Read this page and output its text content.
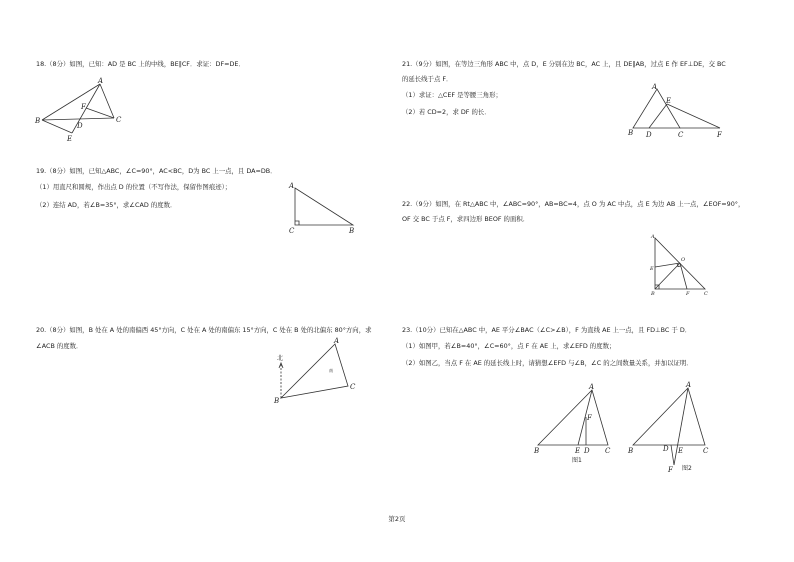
18.（8分）如图，已知：AD 是 BC 上的中线，BE∥CF．求证：DF=DE．

A
B	C
D
E
F

19.（8分）如图，已知△ABC，∠C=90°，AC<BC，D为 BC 上一点，且 DA=DB．

（1）用直尺和圆规，作出点 D 的位置（不写作法，保留作图痕迹）；

（2）连结 AD，若∠B=35°，求∠CAD 的度数．

A
C	B

20.（8分）如图，B 处在 A 处的南偏西 45°方向，C 处在 A 处的南偏东 15°方向，C 处在 B 处的北偏东 80°方向，求

∠ACB 的度数．

北
南
A
B
C

21.（9分）如图，在等边三角形 ABC 中，点 D，E 分别在边 BC，AC 上，且 DE∥AB，过点 E 作 EF⊥DE，交 BC

的延长线于点 F．

（1）求证：△CEF 是等腰三角形；

（2）若 CD=2，求 DF 的长．

A
E
B D	C	F

22.（9分）如图，在 Rt△ABC 中，∠ABC=90°，AB=BC=4，点 O 为 AC 中点，点 E 为边 AB 上一点，∠EOF=90°，

OF 交 BC 于点 F，求四边形 BEOF 的面积．

A
E
O
B	F	C

23.（10分）已知在△ABC 中，AE 平分∠BAC（∠C>∠B），F 为直线 AE 上一点，且 FD⊥BC 于 D．

（1）如图甲，若∠B=40°，∠C=60°，点 F 在 AE 上，求∠EFD 的度数；

（2）如图乙，当点 F 在 AE 的延长线上时，请猜想∠EFD 与∠B，∠C 的之间数量关系，并加以证明．

A
F
B	E D C
图1
A
B	D E	C
F 图2
第2页
